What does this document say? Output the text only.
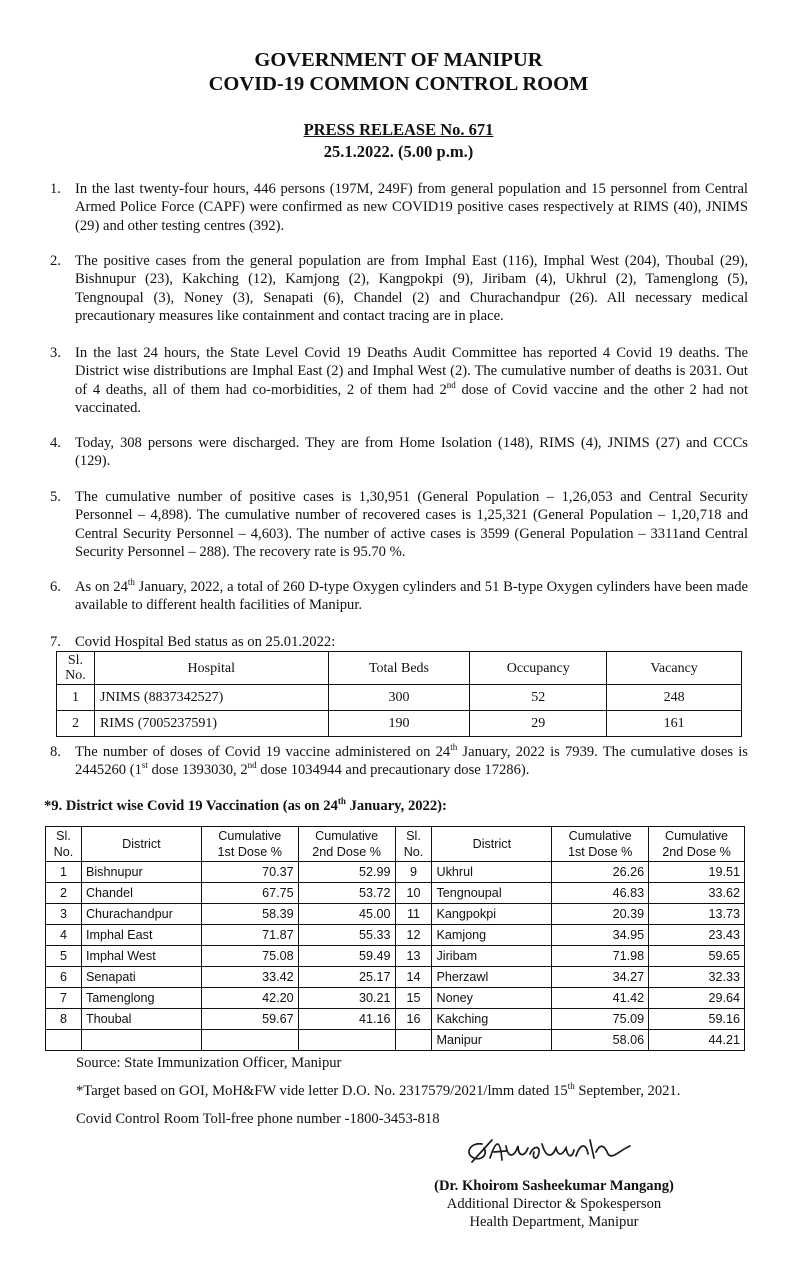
GOVERNMENT OF MANIPUR
COVID-19 COMMON CONTROL ROOM
PRESS RELEASE No. 671
25.1.2022. (5.00 p.m.)
1. In the last twenty-four hours, 446 persons (197M, 249F) from general population and 15 personnel from Central Armed Police Force (CAPF) were confirmed as new COVID19 positive cases respectively at RIMS (40), JNIMS (29) and other testing centres (392).
2. The positive cases from the general population are from Imphal East (116), Imphal West (204), Thoubal (29), Bishnupur (23), Kakching (12), Kamjong (2), Kangpokpi (9), Jiribam (4), Ukhrul (2), Tamenglong (5), Tengnoupal (3), Noney (3), Senapati (6), Chandel (2) and Churachandpur (26). All necessary medical precautionary measures like containment and contact tracing are in place.
3. In the last 24 hours, the State Level Covid 19 Deaths Audit Committee has reported 4 Covid 19 deaths. The District wise distributions are Imphal East (2) and Imphal West (2). The cumulative number of deaths is 2031. Out of 4 deaths, all of them had co-morbidities, 2 of them had 2nd dose of Covid vaccine and the other 2 had not vaccinated.
4. Today, 308 persons were discharged. They are from Home Isolation (148), RIMS (4), JNIMS (27) and CCCs (129).
5. The cumulative number of positive cases is 1,30,951 (General Population – 1,26,053 and Central Security Personnel – 4,898). The cumulative number of recovered cases is 1,25,321 (General Population – 1,20,718 and Central Security Personnel – 4,603). The number of active cases is 3599 (General Population – 3311and Central Security Personnel – 288). The recovery rate is 95.70 %.
6. As on 24th January, 2022, a total of 260 D-type Oxygen cylinders and 51 B-type Oxygen cylinders have been made available to different health facilities of Manipur.
7. Covid Hospital Bed status as on 25.01.2022:
Sl.
No.	Hospital	Total Beds	Occupancy	Vacancy
1	JNIMS (8837342527)	300	52	248
2	RIMS (7005237591)	190	29	161
8. The number of doses of Covid 19 vaccine administered on 24th January, 2022 is 7939. The cumulative doses is 2445260 (1st dose 1393030, 2nd dose 1034944 and precautionary dose 17286).
*9. District wise Covid 19 Vaccination (as on 24th January, 2022):
Sl.
No.	District	Cumulative
1st Dose %	Cumulative
2nd Dose %	Sl.
No.	District	Cumulative
1st Dose %	Cumulative
2nd Dose %
1	Bishnupur	70.37	52.99	9	Ukhrul	26.26	19.51
2	Chandel	67.75	53.72	10	Tengnoupal	46.83	33.62
3	Churachandpur	58.39	45.00	11	Kangpokpi	20.39	13.73
4	Imphal East	71.87	55.33	12	Kamjong	34.95	23.43
5	Imphal West	75.08	59.49	13	Jiribam	71.98	59.65
6	Senapati	33.42	25.17	14	Pherzawl	34.27	32.33
7	Tamenglong	42.20	30.21	15	Noney	41.42	29.64
8	Thoubal	59.67	41.16	16	Kakching	75.09	59.16
					Manipur	58.06	44.21
Source: State Immunization Officer, Manipur
*Target based on GOI, MoH&FW vide letter D.O. No. 2317579/2021/lmm dated 15th September, 2021.
Covid Control Room Toll-free phone number -1800-3453-818
(Dr. Khoirom Sasheekumar Mangang)
Additional Director & Spokesperson
Health Department, Manipur
